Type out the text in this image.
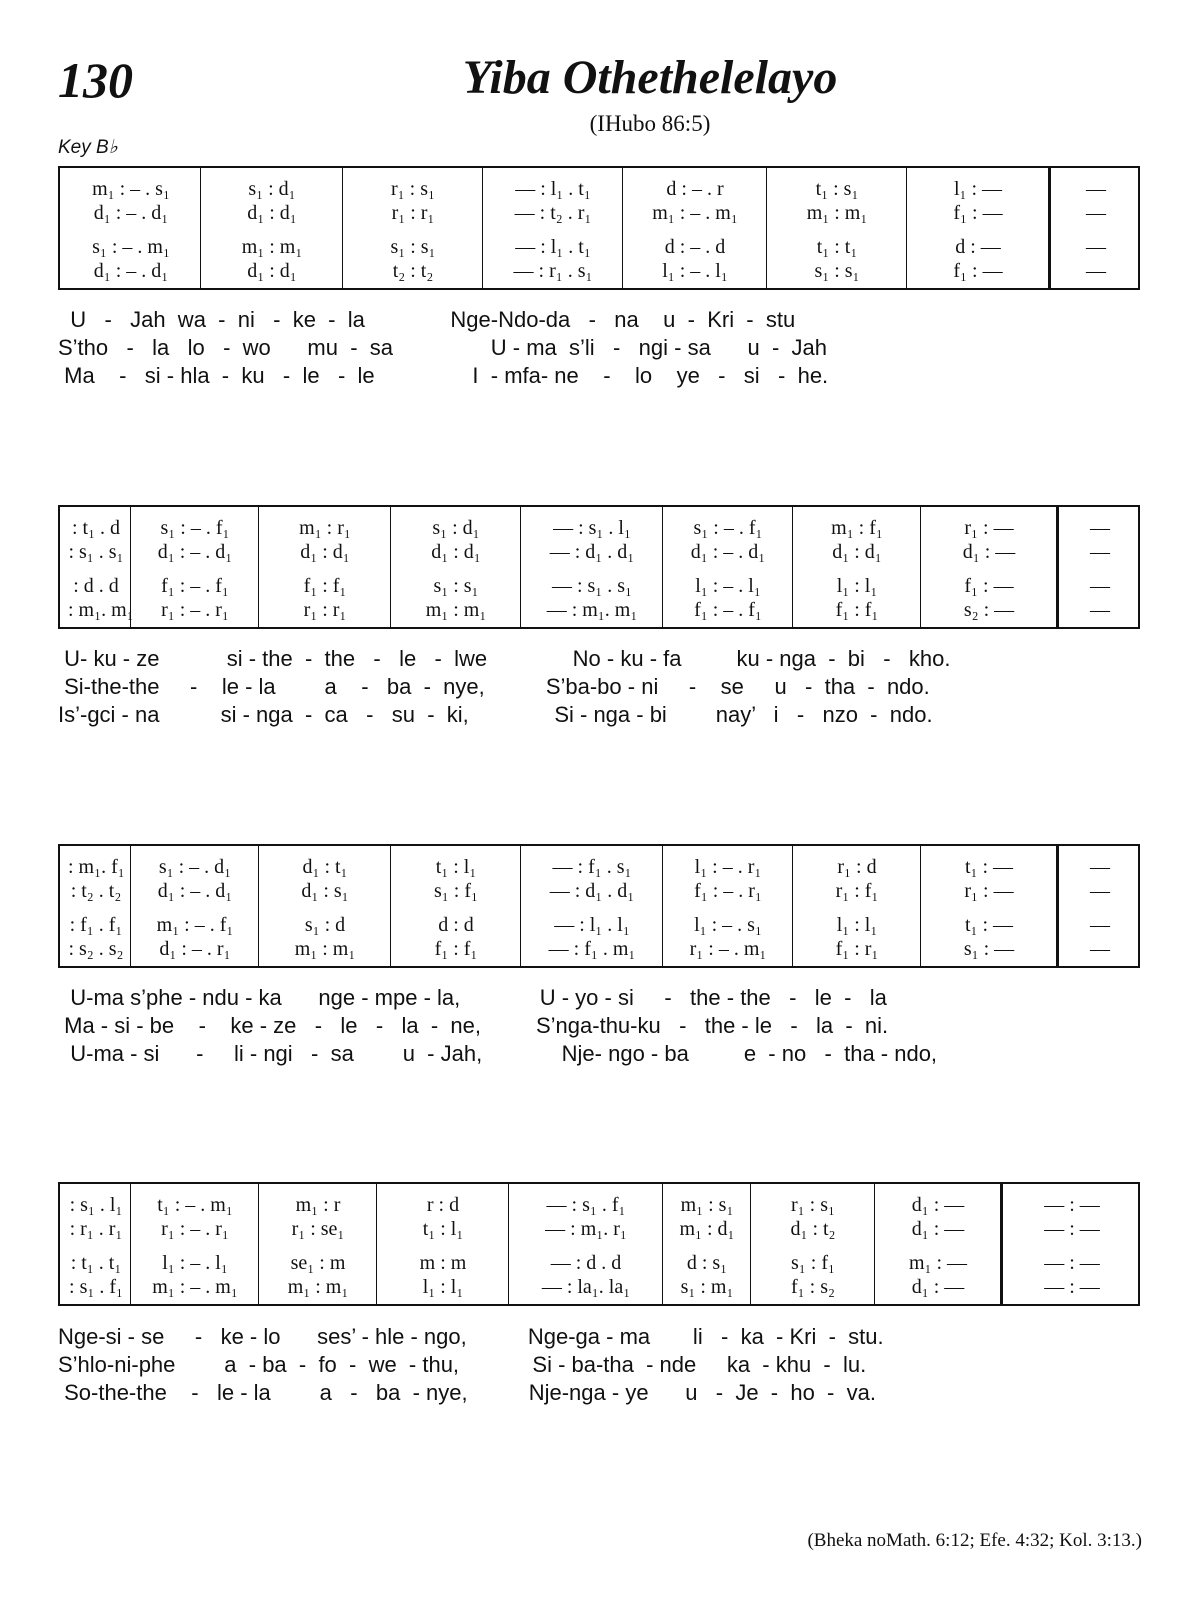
130	Yiba Othethelelayo
(IHubo 86:5)
Key B♭
m₁ : – . s₁	s₁ : d₁	r₁ : s₁	— : l₁ . t₁	d : – . r	t₁ : s₁	l₁ : —	—
d₁ : – . d₁	d₁ : d₁	r₁ : r₁	— : t₂ . r₁	m₁ : – . m₁	m₁ : m₁	f₁ : —	—
s₁ : – . m₁	m₁ : m₁	s₁ : s₁	— : l₁ . t₁	d : – . d	t₁ : t₁	d : —	—
d₁ : – . d₁	d₁ : d₁	t₂ : t₂	— : r₁ . s₁	l₁ : – . l₁	s₁ : s₁	f₁ : —	—
U   -   Jah  wa  -  ni   -  ke  -  la              Nge-Ndo-da   -   na    u  -  Kri  -  stu
S’tho   -   la   lo   -  wo      mu  -  sa                U - ma  s’li   -   ngi - sa      u  -  Jah
Ma    -   si - hla  -  ku   -  le   -  le                I  - mfa- ne    -    lo    ye   -   si   -  he.
: t₁ . d	s₁ : – . f₁	m₁ : r₁	s₁ : d₁	— : s₁ . l₁	s₁ : – . f₁	m₁ : f₁	r₁ : —	—
: s₁ . s₁	d₁ : – . d₁	d₁ : d₁	d₁ : d₁	— : d₁ . d₁	d₁ : – . d₁	d₁ : d₁	d₁ : —	—
: d . d	f₁ : – . f₁	f₁ : f₁	s₁ : s₁	— : s₁ . s₁	l₁ : – . l₁	l₁ : l₁	f₁ : —	—
: m₁. m₁	r₁ : – . r₁	r₁ : r₁	m₁ : m₁	— : m₁. m₁	f₁ : – . f₁	f₁ : f₁	s₂ : —	—
U- ku - ze           si - the  -  the   -   le   -  lwe              No - ku - fa         ku - nga  -  bi   -   kho.
Si-the-the     -    le - la        a    -   ba  -  nye,          S’ba-bo - ni     -    se     u   -  tha  -  ndo.
Is’-gci - na          si - nga  -  ca   -   su  -  ki,              Si - nga - bi        nay’   i   -   nzo  -  ndo.
: m₁. f₁	s₁ : – . d₁	d₁ : t₁	t₁ : l₁	— : f₁ . s₁	l₁ : – . r₁	r₁ : d	t₁ : —	—
: t₂ . t₂	d₁ : – . d₁	d₁ : s₁	s₁ : f₁	— : d₁ . d₁	f₁ : – . r₁	r₁ : f₁	r₁ : —	—
: f₁ . f₁	m₁ : – . f₁	s₁ : d	d : d	— : l₁ . l₁	l₁ : – . s₁	l₁ : l₁	t₁ : —	—
: s₂ . s₂	d₁ : – . r₁	m₁ : m₁	f₁ : f₁	— : f₁ . m₁	r₁ : – . m₁	f₁ : r₁	s₁ : —	—
U-ma s’phe - ndu - ka      nge - mpe - la,             U - yo - si     -   the - the   -   le  -   la
Ma - si - be    -    ke - ze   -   le   -   la  -  ne,         S’nga-thu-ku   -   the - le   -   la  -  ni.
U-ma - si      -     li - ngi   -  sa        u  - Jah,             Nje- ngo - ba         e  - no   -  tha - ndo,
: s₁ . l₁	t₁ : – . m₁	m₁ : r	r : d	— : s₁ . f₁	m₁ : s₁	r₁ : s₁	d₁ : —	— : —
: r₁ . r₁	r₁ : – . r₁	r₁ : se₁	t₁ : l₁	— : m₁. r₁	m₁ : d₁	d₁ : t₂	d₁ : —	— : —
: t₁ . t₁	l₁ : – . l₁	se₁ : m	m : m	— : d . d	d : s₁	s₁ : f₁	m₁ : —	— : —
: s₁ . f₁	m₁ : – . m₁	m₁ : m₁	l₁ : l₁	— : la₁. la₁	s₁ : m₁	f₁ : s₂	d₁ : —	— : —
Nge-si - se     -   ke - lo      ses’ - hle - ngo,          Nge-ga - ma       li   -  ka  - Kri  -  stu.
S’hlo-ni-phe        a  - ba  -  fo  -  we  - thu,            Si - ba-tha  - nde     ka  - khu  -  lu.
So-the-the    -   le - la        a   -   ba  - nye,          Nje-nga - ye      u   -  Je  -  ho  -  va.
(Bheka noMath. 6:12; Efe. 4:32; Kol. 3:13.)
